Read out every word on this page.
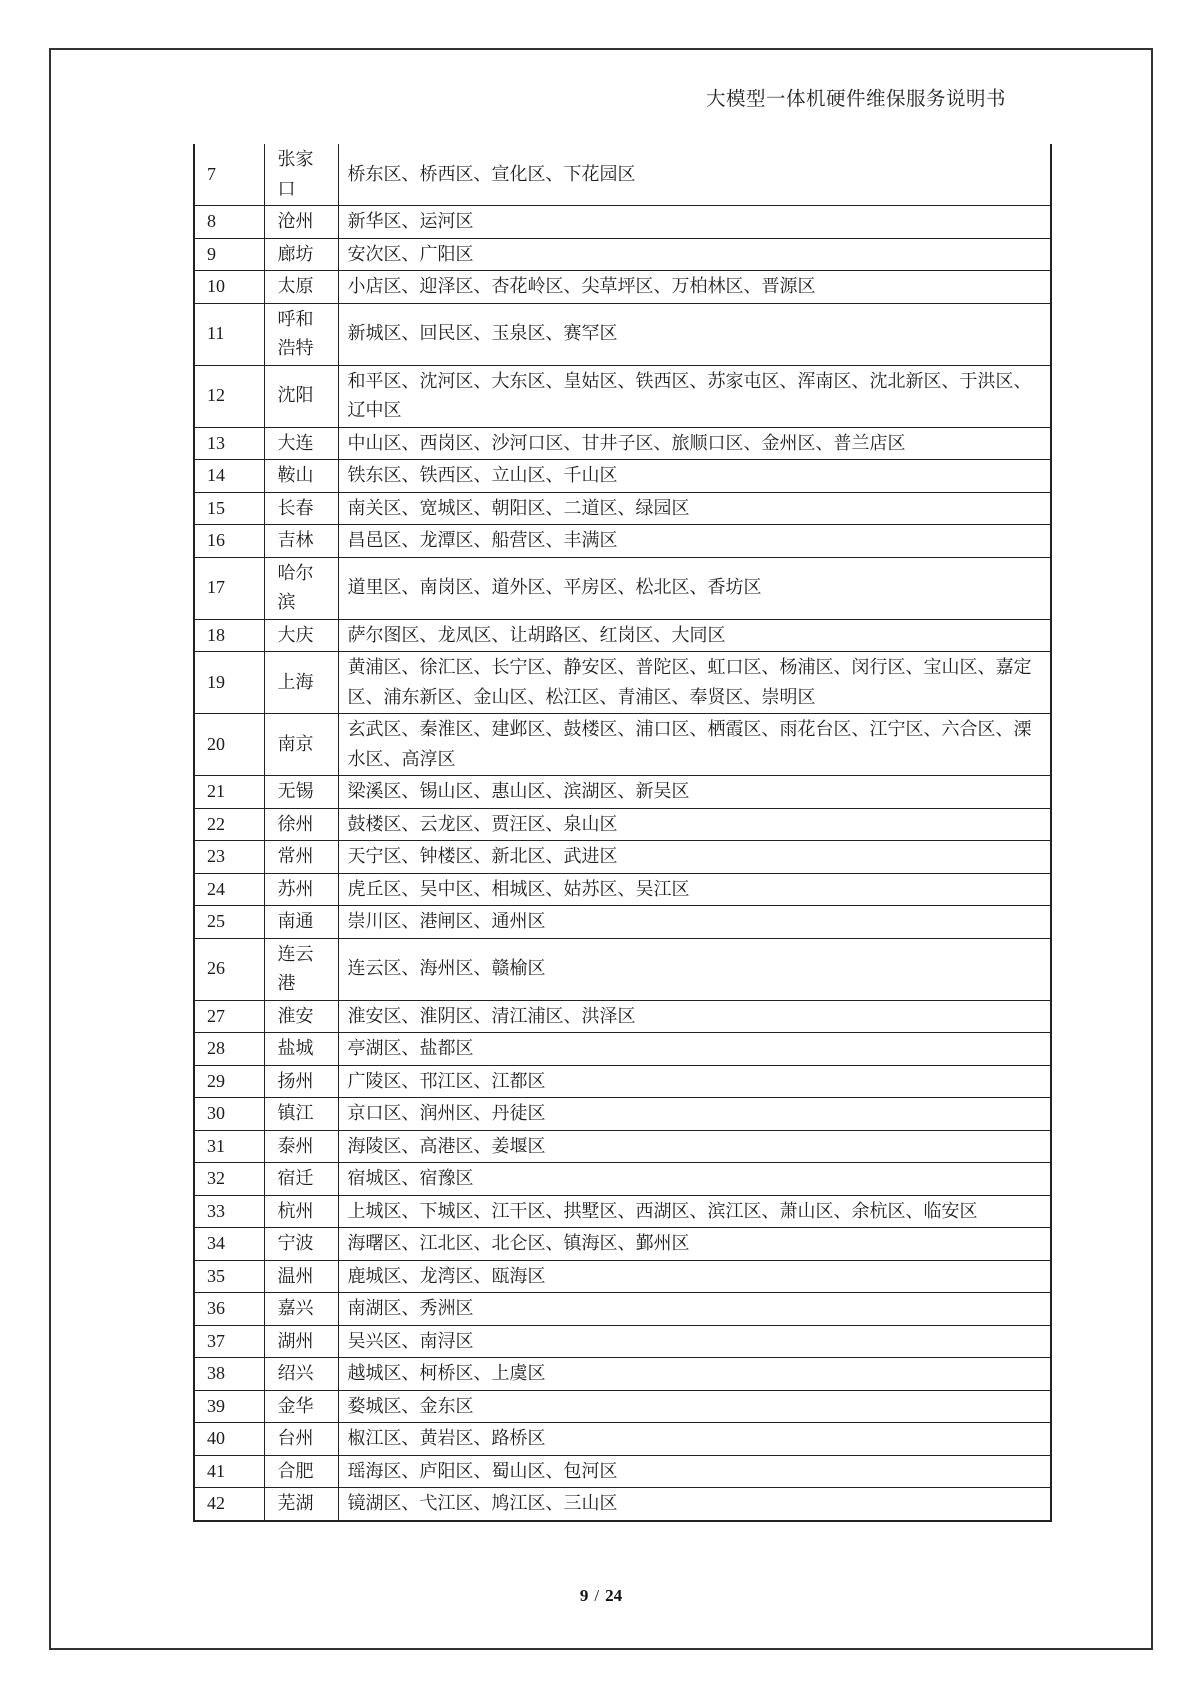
大模型一体机硬件维保服务说明书
7	张家口	桥东区、桥西区、宣化区、下花园区
8	沧州	新华区、运河区
9	廊坊	安次区、广阳区
10	太原	小店区、迎泽区、杏花岭区、尖草坪区、万柏林区、晋源区
11	呼和浩特	新城区、回民区、玉泉区、赛罕区
12	沈阳	和平区、沈河区、大东区、皇姑区、铁西区、苏家屯区、浑南区、沈北新区、于洪区、辽中区
13	大连	中山区、西岗区、沙河口区、甘井子区、旅顺口区、金州区、普兰店区
14	鞍山	铁东区、铁西区、立山区、千山区
15	长春	南关区、宽城区、朝阳区、二道区、绿园区
16	吉林	昌邑区、龙潭区、船营区、丰满区
17	哈尔滨	道里区、南岗区、道外区、平房区、松北区、香坊区
18	大庆	萨尔图区、龙凤区、让胡路区、红岗区、大同区
19	上海	黄浦区、徐汇区、长宁区、静安区、普陀区、虹口区、杨浦区、闵行区、宝山区、嘉定区、浦东新区、金山区、松江区、青浦区、奉贤区、崇明区
20	南京	玄武区、秦淮区、建邺区、鼓楼区、浦口区、栖霞区、雨花台区、江宁区、六合区、溧水区、高淳区
21	无锡	梁溪区、锡山区、惠山区、滨湖区、新吴区
22	徐州	鼓楼区、云龙区、贾汪区、泉山区
23	常州	天宁区、钟楼区、新北区、武进区
24	苏州	虎丘区、吴中区、相城区、姑苏区、吴江区
25	南通	崇川区、港闸区、通州区
26	连云港	连云区、海州区、赣榆区
27	淮安	淮安区、淮阴区、清江浦区、洪泽区
28	盐城	亭湖区、盐都区
29	扬州	广陵区、邗江区、江都区
30	镇江	京口区、润州区、丹徒区
31	泰州	海陵区、高港区、姜堰区
32	宿迁	宿城区、宿豫区
33	杭州	上城区、下城区、江干区、拱墅区、西湖区、滨江区、萧山区、余杭区、临安区
34	宁波	海曙区、江北区、北仑区、镇海区、鄞州区
35	温州	鹿城区、龙湾区、瓯海区
36	嘉兴	南湖区、秀洲区
37	湖州	吴兴区、南浔区
38	绍兴	越城区、柯桥区、上虞区
39	金华	婺城区、金东区
40	台州	椒江区、黄岩区、路桥区
41	合肥	瑶海区、庐阳区、蜀山区、包河区
42	芜湖	镜湖区、弋江区、鸠江区、三山区
9 / 24
